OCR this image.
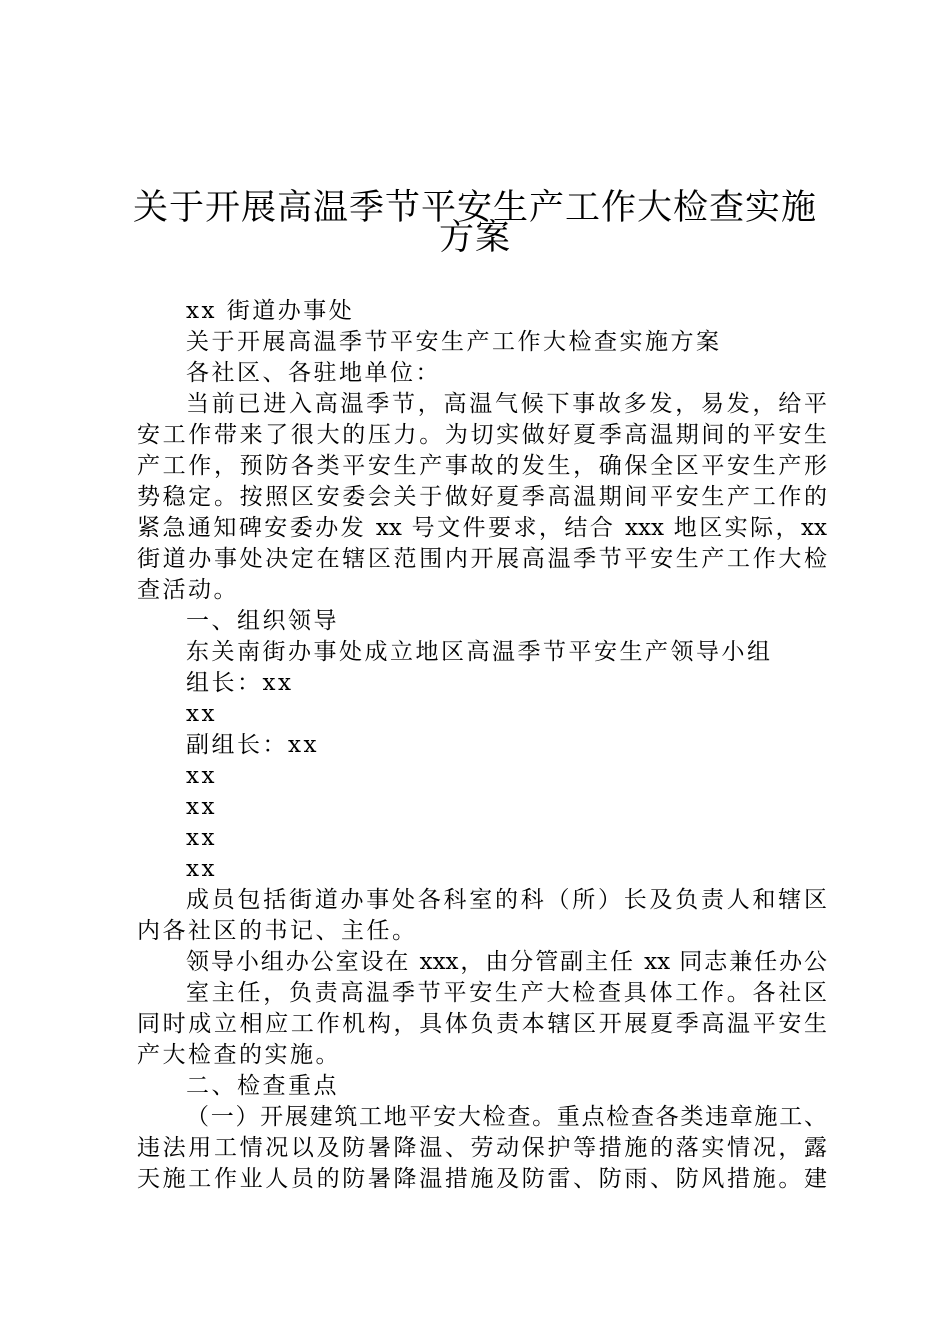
关于开展高温季节平安生产工作大检查实施
方案
xx 街道办事处
关于开展高温季节平安生产工作大检查实施方案
各社区、各驻地单位：
当前已进入高温季节，高温气候下事故多发，易发，给平
安工作带来了很大的压力。为切实做好夏季高温期间的平安生
产工作，预防各类平安生产事故的发生，确保全区平安生产形
势稳定。按照区安委会关于做好夏季高温期间平安生产工作的
紧急通知碑安委办发 xx 号文件要求，结合 xxx 地区实际，xx
街道办事处决定在辖区范围内开展高温季节平安生产工作大检
查活动。
一、组织领导
东关南街办事处成立地区高温季节平安生产领导小组
组长：xx
xx
副组长：xx
xx
xx
xx
xx
成员包括街道办事处各科室的科（所）长及负责人和辖区
内各社区的书记、主任。
领导小组办公室设在 xxx，由分管副主任 xx 同志兼任办公
室主任，负责高温季节平安生产大检查具体工作。各社区
同时成立相应工作机构，具体负责本辖区开展夏季高温平安生
产大检查的实施。
二、检查重点
（一）开展建筑工地平安大检查。重点检查各类违章施工、
违法用工情况以及防暑降温、劳动保护等措施的落实情况，露
天施工作业人员的防暑降温措施及防雷、防雨、防风措施。建
